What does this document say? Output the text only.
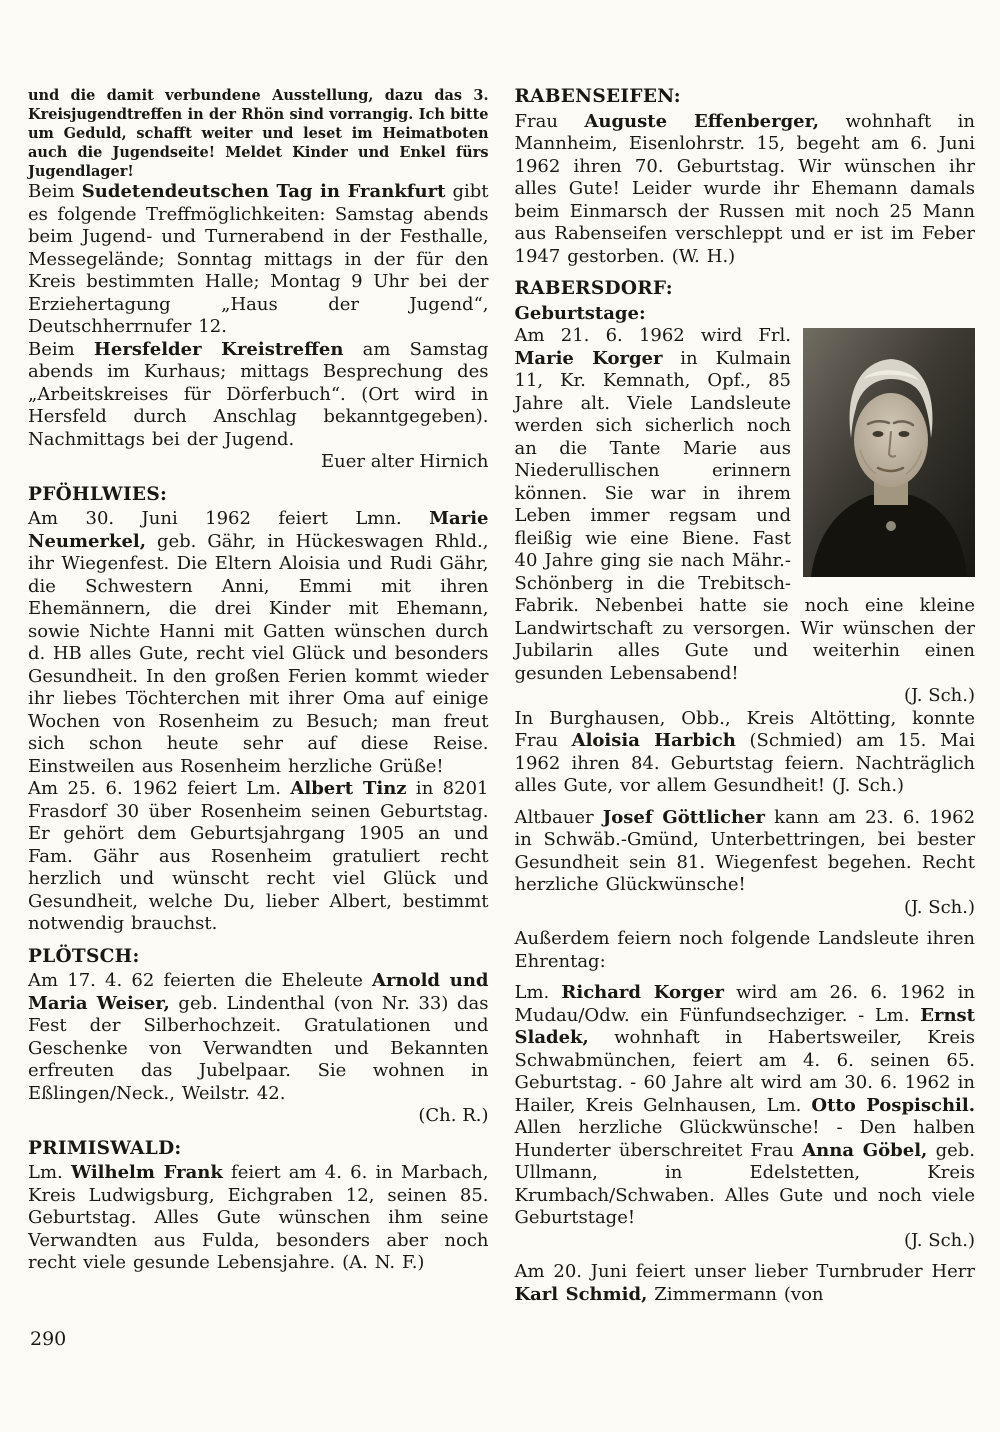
und die damit verbundene Ausstellung, dazu das 3. Kreisjugendtreffen in der Rhön sind vorrangig. Ich bitte um Geduld, schafft weiter und leset im Heimatboten auch die Jugendseite! Meldet Kinder und Enkel fürs Jugendlager!

Beim Sudetendeutschen Tag in Frankfurt gibt es folgende Treffmöglichkeiten: Samstag abends beim Jugend- und Turnerabend in der Festhalle, Messegelände; Sonntag mittags in der für den Kreis bestimmten Halle; Montag 9 Uhr bei der Erziehertagung „Haus der Jugend“, Deutschherrnufer 12.

Beim Hersfelder Kreistreffen am Samstag abends im Kurhaus; mittags Besprechung des „Arbeitskreises für Dörferbuch“. (Ort wird in Hersfeld durch Anschlag bekanntgegeben). Nachmittags bei der Jugend.

Euer alter Hirnich

PFÖHLWIES:

Am 30. Juni 1962 feiert Lmn. Marie Neumerkel, geb. Gähr, in Hückeswagen Rhld., ihr Wiegenfest. Die Eltern Aloisia und Rudi Gähr, die Schwestern Anni, Emmi mit ihren Ehemännern, die drei Kinder mit Ehemann, sowie Nichte Hanni mit Gatten wünschen durch d. HB alles Gute, recht viel Glück und besonders Gesundheit. In den großen Ferien kommt wieder ihr liebes Töchterchen mit ihrer Oma auf einige Wochen von Rosenheim zu Besuch; man freut sich schon heute sehr auf diese Reise. Einstweilen aus Rosenheim herzliche Grüße!

Am 25. 6. 1962 feiert Lm. Albert Tinz in 8201 Frasdorf 30 über Rosenheim seinen Geburtstag. Er gehört dem Geburtsjahrgang 1905 an und Fam. Gähr aus Rosenheim gratuliert recht herzlich und wünscht recht viel Glück und Gesundheit, welche Du, lieber Albert, bestimmt notwendig brauchst.

PLÖTSCH:

Am 17. 4. 62 feierten die Eheleute Arnold und Maria Weiser, geb. Lindenthal (von Nr. 33) das Fest der Silberhochzeit. Gratulationen und Geschenke von Verwandten und Bekannten erfreuten das Jubelpaar. Sie wohnen in Eßlingen/Neck., Weilstr. 42.

(Ch. R.)

PRIMISWALD:

Lm. Wilhelm Frank feiert am 4. 6. in Marbach, Kreis Ludwigsburg, Eichgraben 12, seinen 85. Geburtstag. Alles Gute wünschen ihm seine Verwandten aus Fulda, besonders aber noch recht viele gesunde Lebensjahre. (A. N. F.)

RABENSEIFEN:

Frau Auguste Effenberger, wohnhaft in Mannheim, Eisenlohrstr. 15, begeht am 6. Juni 1962 ihren 70. Geburtstag. Wir wünschen ihr alles Gute! Leider wurde ihr Ehemann damals beim Einmarsch der Russen mit noch 25 Mann aus Rabenseifen verschleppt und er ist im Feber 1947 gestorben. (W. H.)

RABERSDORF:
Geburtstage:

Am 21. 6. 1962 wird Frl. Marie Korger in Kulmain 11, Kr. Kemnath, Opf., 85 Jahre alt. Viele Landsleute werden sich sicherlich noch an die Tante Marie aus Niederullischen erinnern können. Sie war in ihrem Leben immer regsam und fleißig wie eine Biene. Fast 40 Jahre ging sie nach Mähr.-Schönberg in die Trebitsch-Fabrik. Nebenbei hatte sie noch eine kleine Landwirtschaft zu versorgen. Wir wünschen der Jubilarin alles Gute und weiterhin einen gesunden Lebensabend!

(J. Sch.)

In Burghausen, Obb., Kreis Altötting, konnte Frau Aloisia Harbich (Schmied) am 15. Mai 1962 ihren 84. Geburtstag feiern. Nachträglich alles Gute, vor allem Gesundheit! (J. Sch.)

Altbauer Josef Göttlicher kann am 23. 6. 1962 in Schwäb.-Gmünd, Unterbettringen, bei bester Gesundheit sein 81. Wiegenfest begehen. Recht herzliche Glückwünsche!

(J. Sch.)

Außerdem feiern noch folgende Landsleute ihren Ehrentag:

Lm. Richard Korger wird am 26. 6. 1962 in Mudau/Odw. ein Fünfundsechziger. - Lm. Ernst Sladek, wohnhaft in Habertsweiler, Kreis Schwabmünchen, feiert am 4. 6. seinen 65. Geburtstag. - 60 Jahre alt wird am 30. 6. 1962 in Hailer, Kreis Gelnhausen, Lm. Otto Pospischil. Allen herzliche Glückwünsche! - Den halben Hunderter überschreitet Frau Anna Göbel, geb. Ullmann, in Edelstetten, Kreis Krumbach/Schwaben. Alles Gute und noch viele Geburtstage!

(J. Sch.)

Am 20. Juni feiert unser lieber Turnbruder Herr Karl Schmid, Zimmermann (von

290
